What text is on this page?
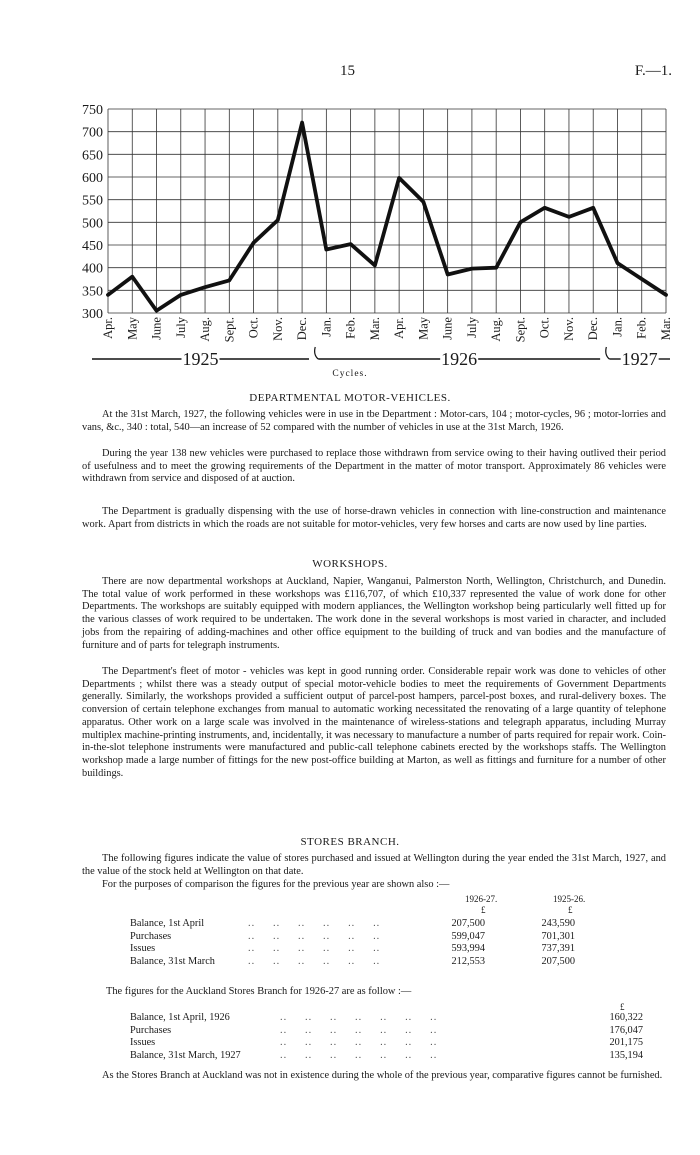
15	F.—1.
300
350
400
450
500
550
600
650
700
750
Apr. May June July Aug. Sept. Oct. Nov. Dec. Jan. Feb. Mar. Apr. May June July Aug. Sept. Oct. Nov. Dec. Jan. Feb. Mar.
1925	1926	1927
Cycles.
DEPARTMENTAL MOTOR-VEHICLES.

At the 31st March, 1927, the following vehicles were in use in tbe Department : Motor-cars, 104 ; motor-cycles, 96 ; motor-lorries and vans, &c., 340 : total, 540—an increase of 52 compared with the number of vehicles in use at the 31st March, 1926.

During the year 138 new vehicles were purchased to replace those withdrawn from service owing to their having outlived their period of usefulness and to meet the growing requirements of the Department in the matter of motor transport. Approximately 86 vehicles were withdrawn from service and disposed of at auction.

The Department is gradually dispensing with the use of horse-drawn vehicles in connection with line-construction and maintenance work. Apart from districts in which the roads are not suitable for motor-vehicles, very few horses and carts are now used by line parties.

WORKSHOPS.

There are now departmental workshops at Auckland, Napier, Wanganui, Palmerston North, Wellington, Christchurch, and Dunedin. The total value of work performed in these workshops was £116,707, of which £10,337 represented the value of work done for other Departments. The workshops are suitably equipped with modern appliances, the Wellington workshop being particularly well fitted up for the various classes of work required to be undertaken. The work done in the several workshops is most varied in character, and included jobs from the repairing of adding-machines and other office equipment to the building of truck and van bodies and the manufacture of furniture and of parts for telegraph instruments.

The Department's fleet of motor - vehicles was kept in good running order. Considerable repair work was done to vehicles of other Departments ; whilst there was a steady output of special motor-vehicle bodies to meet the requirements of Government Departments generally. Similarly, the workshops provided a sufficient output of parcel-post hampers, parcel-post boxes, and rural-delivery boxes. The conversion of certain telephone exchanges from manual to automatic working necessitated the renovating of a large quantity of telephone apparatus. Other work on a large scale was involved in the maintenance of wireless-stations and telegraph apparatus, including Murray multiplex machine-printing instruments, and, incidentally, it was necessary to manufacture a number of parts required for repair work. Coin-in-the-slot telephone instruments were manufactured and public-call telephone cabinets erected by the workshops staffs. The Wellington workshop made a large number of fittings for the new post-office building at Marton, as well as fittings and furniture for a number of other buildings.

STORES BRANCH.

The following figures indicate the value of stores purchased and issued at Wellington during the year ended the 31st March, 1927, and the value of the stock held at Wellington on that date.

For the purposes of comparison the figures for the previous year are shown also :—

1926-27.	1925-26.
£	£
Balance, 1st April	..     ..     ..     ..     ..     ..	207,500	243,590
Purchases	..     ..     ..     ..     ..     ..	599,047	701,301
Issues	..     ..     ..     ..     ..     ..	593,994	737,391
Balance, 31st March	..     ..     ..     ..     ..     ..	212,553	207,500

The figures for the Auckland Stores Branch for 1926-27 are as follow :—

£
Balance, 1st April, 1926	..     ..     ..     ..     ..     ..     ..	160,322
Purchases	..     ..     ..     ..     ..     ..     ..	176,047
Issues	..     ..     ..     ..     ..     ..     ..	201,175
Balance, 31st March, 1927	..     ..     ..     ..     ..     ..     ..	135,194

As the Stores Branch at Auckland was not in existence during the whole of the previous year, comparative figures cannot be furnished.
